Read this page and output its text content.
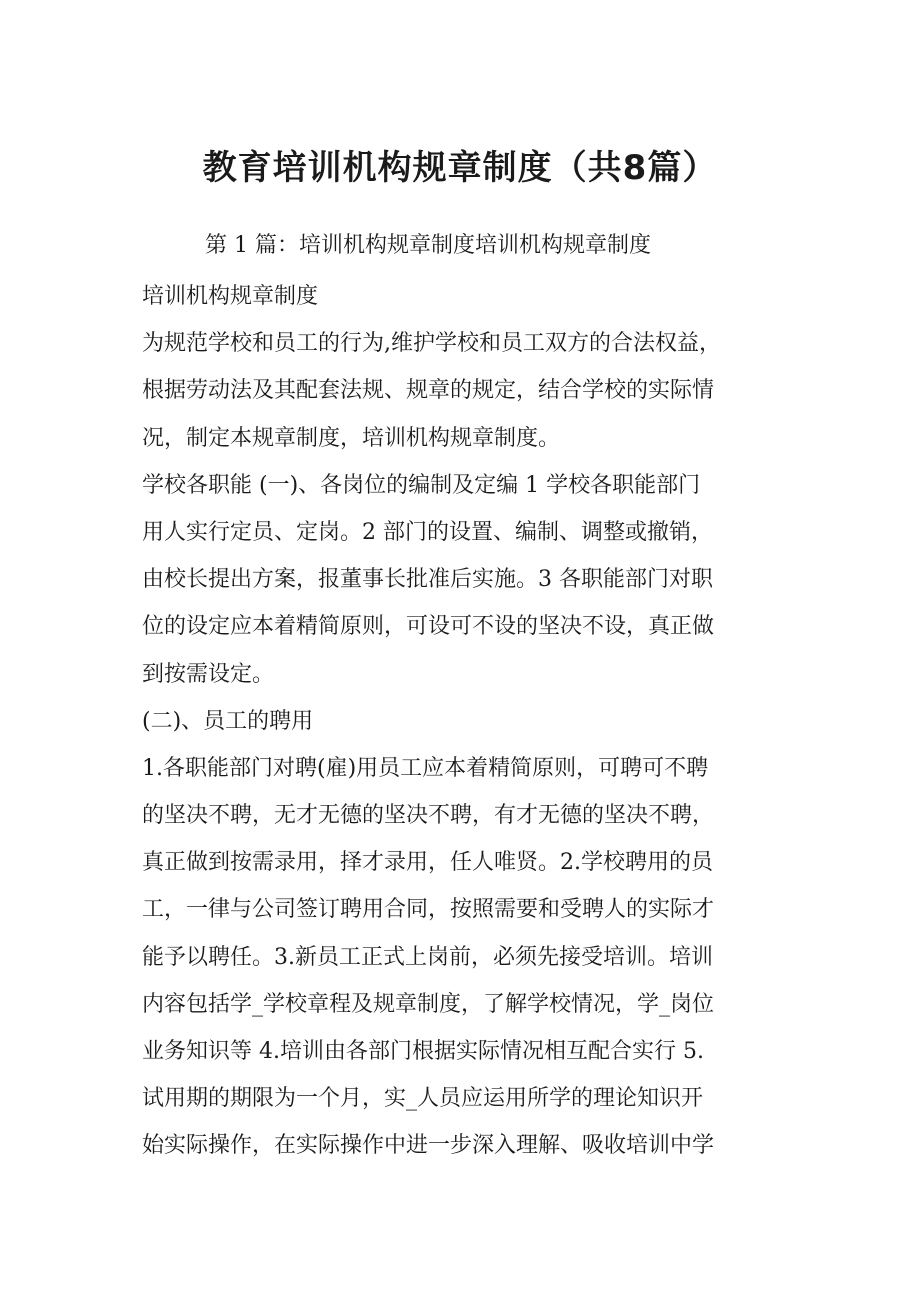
教育培训机构规章制度（共8篇）

第 1 篇：培训机构规章制度培训机构规章制度

培训机构规章制度
为规范学校和员工的行为,维护学校和员工双方的合法权益，
根据劳动法及其配套法规、规章的规定，结合学校的实际情
况，制定本规章制度，培训机构规章制度。
学校各职能 (一)、各岗位的编制及定编 1 学校各职能部门
用人实行定员、定岗。2 部门的设置、编制、调整或撤销，
由校长提出方案，报董事长批准后实施。3 各职能部门对职
位的设定应本着精简原则，可设可不设的坚决不设，真正做
到按需设定。
(二)、员工的聘用
1.各职能部门对聘(雇)用员工应本着精简原则，可聘可不聘
的坚决不聘，无才无德的坚决不聘，有才无德的坚决不聘，
真正做到按需录用，择才录用，任人唯贤。2.学校聘用的员
工，一律与公司签订聘用合同，按照需要和受聘人的实际才
能予以聘任。3.新员工正式上岗前，必须先接受培训。培训
内容包括学_学校章程及规章制度，了解学校情况，学_岗位
业务知识等 4.培训由各部门根据实际情况相互配合实行 5.
试用期的期限为一个月，实_人员应运用所学的理论知识开
始实际操作，在实际操作中进一步深入理解、吸收培训中学
